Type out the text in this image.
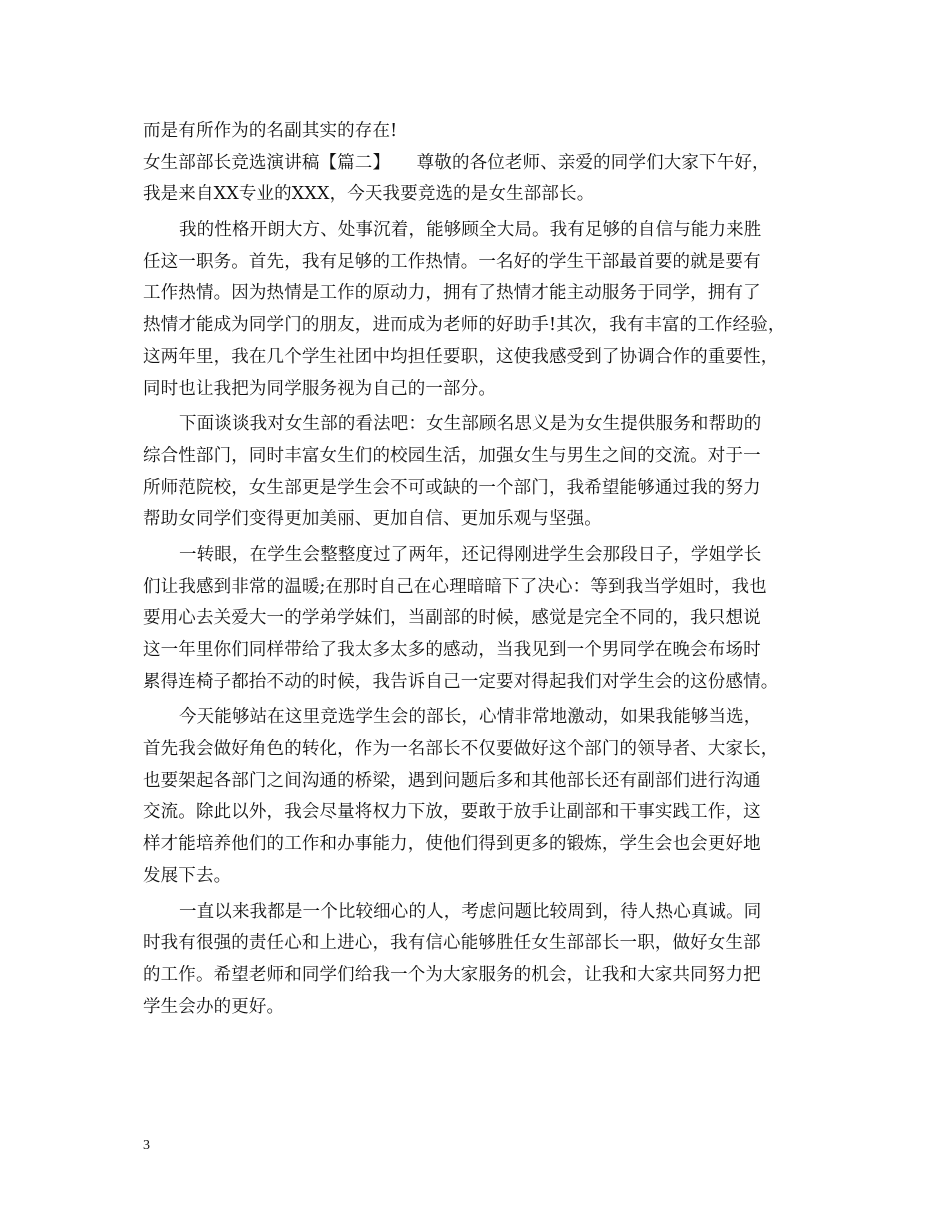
而是有所作为的名副其实的存在!
女生部部长竞选演讲稿【篇二】　　尊敬的各位老师、亲爱的同学们大家下午好，
我是来自XX专业的XXX，今天我要竞选的是女生部部长。
我的性格开朗大方、处事沉着，能够顾全大局。我有足够的自信与能力来胜
任这一职务。首先，我有足够的工作热情。一名好的学生干部最首要的就是要有
工作热情。因为热情是工作的原动力，拥有了热情才能主动服务于同学，拥有了
热情才能成为同学门的朋友，进而成为老师的好助手!其次，我有丰富的工作经验，
这两年里，我在几个学生社团中均担任要职，这使我感受到了协调合作的重要性，
同时也让我把为同学服务视为自己的一部分。
下面谈谈我对女生部的看法吧：女生部顾名思义是为女生提供服务和帮助的
综合性部门，同时丰富女生们的校园生活，加强女生与男生之间的交流。对于一
所师范院校，女生部更是学生会不可或缺的一个部门，我希望能够通过我的努力
帮助女同学们变得更加美丽、更加自信、更加乐观与坚强。
一转眼，在学生会整整度过了两年，还记得刚进学生会那段日子，学姐学长
们让我感到非常的温暖;在那时自己在心理暗暗下了决心：等到我当学姐时，我也
要用心去关爱大一的学弟学妹们，当副部的时候，感觉是完全不同的，我只想说
这一年里你们同样带给了我太多太多的感动，当我见到一个男同学在晚会布场时
累得连椅子都抬不动的时候，我告诉自己一定要对得起我们对学生会的这份感情。
今天能够站在这里竞选学生会的部长，心情非常地激动，如果我能够当选，
首先我会做好角色的转化，作为一名部长不仅要做好这个部门的领导者、大家长，
也要架起各部门之间沟通的桥梁，遇到问题后多和其他部长还有副部们进行沟通
交流。除此以外，我会尽量将权力下放，要敢于放手让副部和干事实践工作，这
样才能培养他们的工作和办事能力，使他们得到更多的锻炼，学生会也会更好地
发展下去。
一直以来我都是一个比较细心的人，考虑问题比较周到，待人热心真诚。同
时我有很强的责任心和上进心，我有信心能够胜任女生部部长一职，做好女生部
的工作。希望老师和同学们给我一个为大家服务的机会，让我和大家共同努力把
学生会办的更好。
3
